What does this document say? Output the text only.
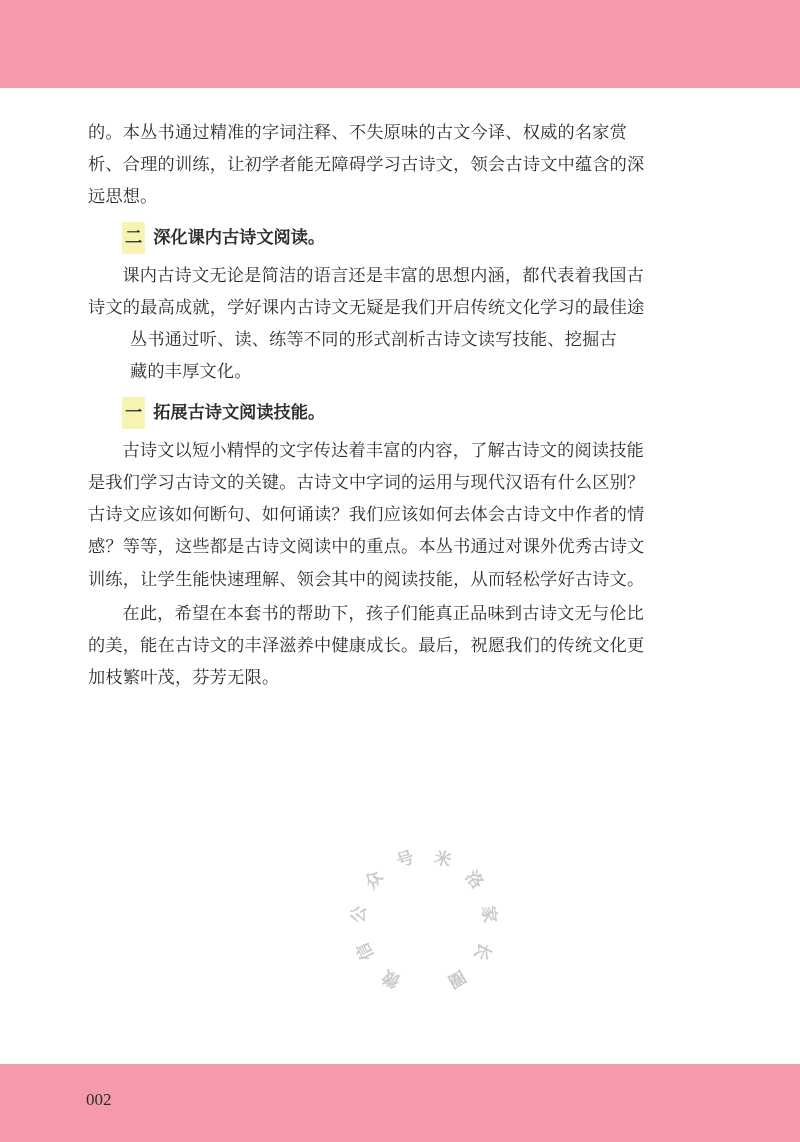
的。本丛书通过精准的字词注释、不失原味的古文今译、权威的名家赏

析、合理的训练，让初学者能无障碍学习古诗文，领会古诗文中蕴含的深

远思想。

二 深化课内古诗文阅读。

课内古诗文无论是简洁的语言还是丰富的思想内涵，都代表着我国古

诗文的最高成就，学好课内古诗文无疑是我们开启传统文化学习的最佳途

丛书通过听、读、练等不同的形式剖析古诗文读写技能、挖掘古

藏的丰厚文化。

一 拓展古诗文阅读技能。

古诗文以短小精悍的文字传达着丰富的内容，了解古诗文的阅读技能

是我们学习古诗文的关键。古诗文中字词的运用与现代汉语有什么区别？

古诗文应该如何断句、如何诵读？我们应该如何去体会古诗文中作者的情

感？等等，这些都是古诗文阅读中的重点。本丛书通过对课外优秀古诗文

训练，让学生能快速理解、领会其中的阅读技能，从而轻松学好古诗文。

在此，希望在本套书的帮助下，孩子们能真正品味到古诗文无与伦比

的美，能在古诗文的丰泽滋养中健康成长。最后，祝愿我们的传统文化更

加枝繁叶茂，芬芳无限。

微
信
公
众
号 米
洛
家
长
圈
002
